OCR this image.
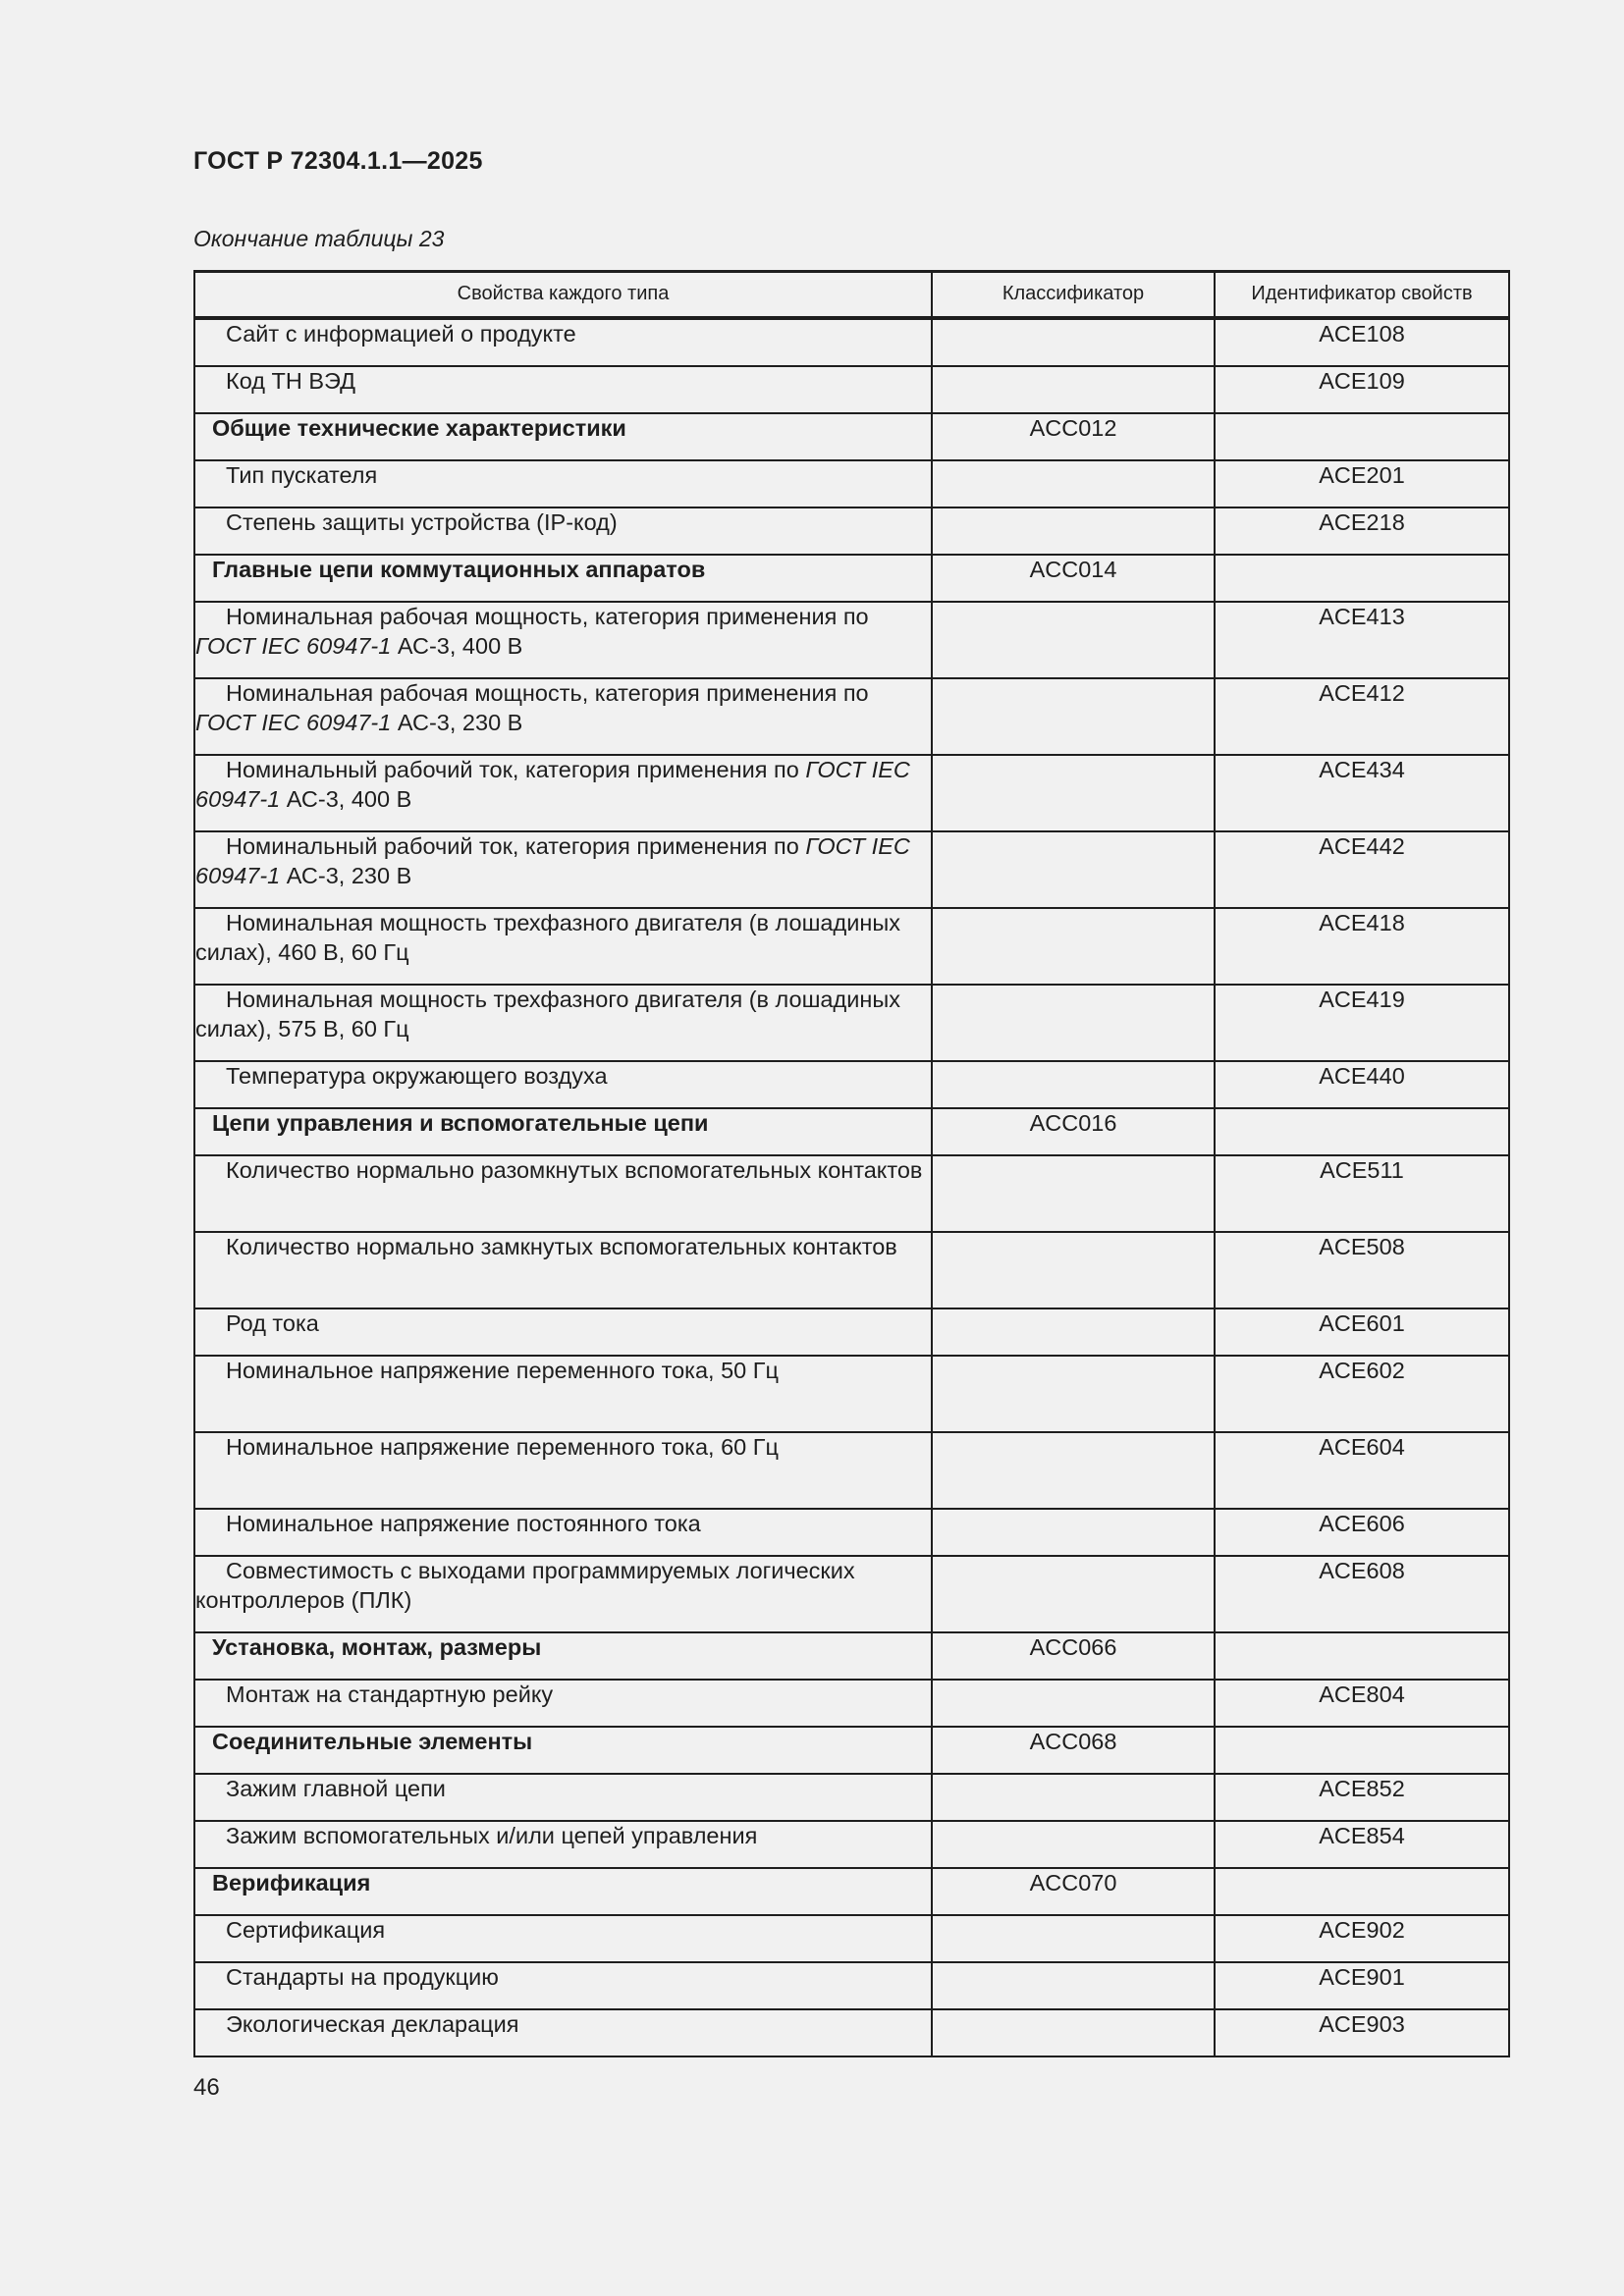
ГОСТ Р 72304.1.1—2025
Окончание таблицы 23
Свойства каждого типа	Классификатор	Идентификатор свойств

Сайт с информацией о продукте		ACE108

Код ТН ВЭД		ACE109

Общие технические характеристики	ACC012	

Тип пускателя		ACE201

Степень защиты устройства (IP-код)		ACE218

Главные цепи коммутационных аппаратов	ACC014	

Номинальная рабочая мощность, категория применения по ГОСТ IEC 60947-1 АС-3, 400 В		ACE413

Номинальная рабочая мощность, категория применения по ГОСТ IEC 60947-1 АС-3, 230 В		ACE412

Номинальный рабочий ток, категория применения по ГОСТ IEC 60947-1 АС-3, 400 В		ACE434

Номинальный рабочий ток, категория применения по ГОСТ IEC 60947-1 АС-3, 230 В		ACE442

Номинальная мощность трехфазного двигателя (в лошадиных силах), 460 В, 60 Гц		ACE418

Номинальная мощность трехфазного двигателя (в лошадиных силах), 575 В, 60 Гц		ACE419

Температура окружающего воздуха		ACE440

Цепи управления и вспомогательные цепи	ACC016	

Количество нормально разомкнутых вспомогательных контактов		ACE511

Количество нормально замкнутых вспомогательных контактов		ACE508

Род тока		ACE601

Номинальное напряжение переменного тока, 50 Гц		ACE602

Номинальное напряжение переменного тока, 60 Гц		ACE604

Номинальное напряжение постоянного тока		ACE606

Совместимость с выходами программируемых логических контроллеров (ПЛК)		ACE608

Установка, монтаж, размеры	ACC066	

Монтаж на стандартную рейку		ACE804

Соединительные элементы	ACC068	

Зажим главной цепи		ACE852

Зажим вспомогательных и/или цепей управления		ACE854

Верификация	ACC070	

Сертификация		ACE902

Стандарты на продукцию		ACE901

Экологическая декларация		ACE903
46
